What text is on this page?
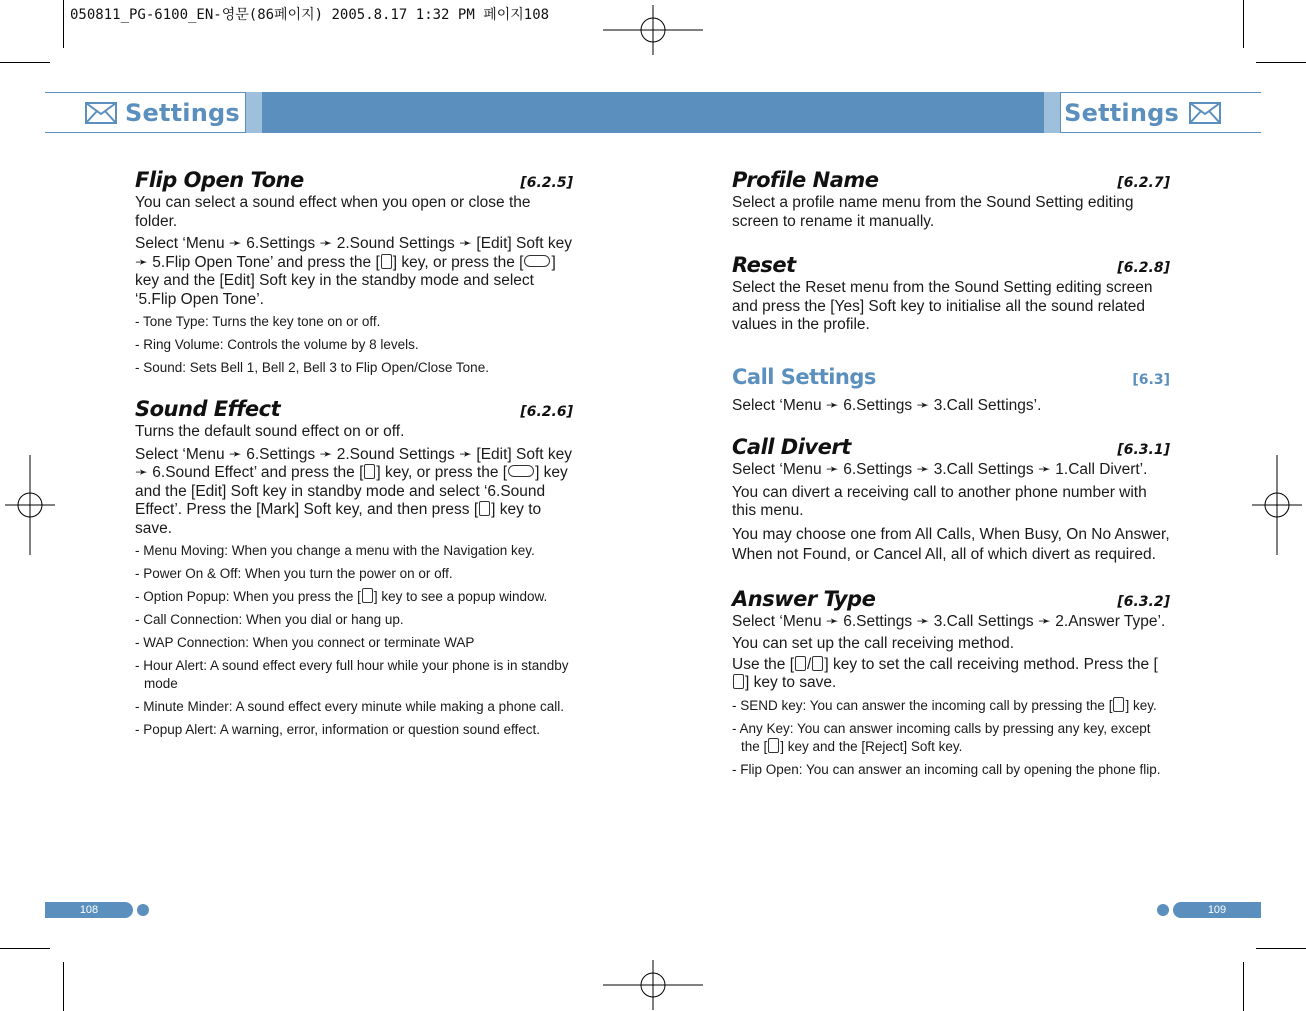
050811_PG-6100_EN-영문(86페이지) 2005.8.17 1:32 PM 페이지108
Settings	Settings
Flip Open Tone	[6.2.5]

You can select a sound effect when you open or close the folder.

Select ‘Menu ➛ 6.Settings ➛ 2.Sound Settings ➛ [Edit] Soft key ➛ 5.Flip Open Tone’ and press the [ ] key, or press the [ ] key and the [Edit] Soft key in the standby mode and select ‘5.Flip Open Tone’.

- Tone Type: Turns the key tone on or off.

- Ring Volume: Controls the volume by 8 levels.

- Sound: Sets Bell 1, Bell 2, Bell 3 to Flip Open/Close Tone.

Sound Effect	[6.2.6]

Turns the default sound effect on or off.

Select ‘Menu ➛ 6.Settings ➛ 2.Sound Settings ➛ [Edit] Soft key ➛ 6.Sound Effect’ and press the [ ] key, or press the [ ] key and the [Edit] Soft key in standby mode and select ‘6.Sound Effect’. Press the [Mark] Soft key, and then press [ ] key to save.

- Menu Moving: When you change a menu with the Navigation key.

- Power On & Off: When you turn the power on or off.

- Option Popup: When you press the [ ] key to see a popup window.

- Call Connection: When you dial or hang up.

- WAP Connection: When you connect or terminate WAP

- Hour Alert: A sound effect every full hour while your phone is in standby mode

- Minute Minder: A sound effect every minute while making a phone call.

- Popup Alert: A warning, error, information or question sound effect.

Profile Name	[6.2.7]

Select a profile name menu from the Sound Setting editing screen to rename it manually.

Reset	[6.2.8]

Select the Reset menu from the Sound Setting editing screen and press the [Yes] Soft key to initialise all the sound related values in the profile.

Call Settings	[6.3]

Select ‘Menu ➛ 6.Settings ➛ 3.Call Settings’.

Call Divert	[6.3.1]

Select ‘Menu ➛ 6.Settings ➛ 3.Call Settings ➛ 1.Call Divert’.

You can divert a receiving call to another phone number with this menu.

You may choose one from All Calls, When Busy, On No Answer, When not Found, or Cancel All, all of which divert as required.

Answer Type	[6.3.2]

Select ‘Menu ➛ 6.Settings ➛ 3.Call Settings ➛ 2.Answer Type’.

You can set up the call receiving method.

Use the [ / ] key to set the call receiving method. Press the [] key to save.

- SEND key: You can answer the incoming call by pressing the [ ] key.

- Any Key: You can answer incoming calls by pressing any key, except the [ ] key and the [Reject] Soft key.

- Flip Open: You can answer an incoming call by opening the phone flip.

108	109
